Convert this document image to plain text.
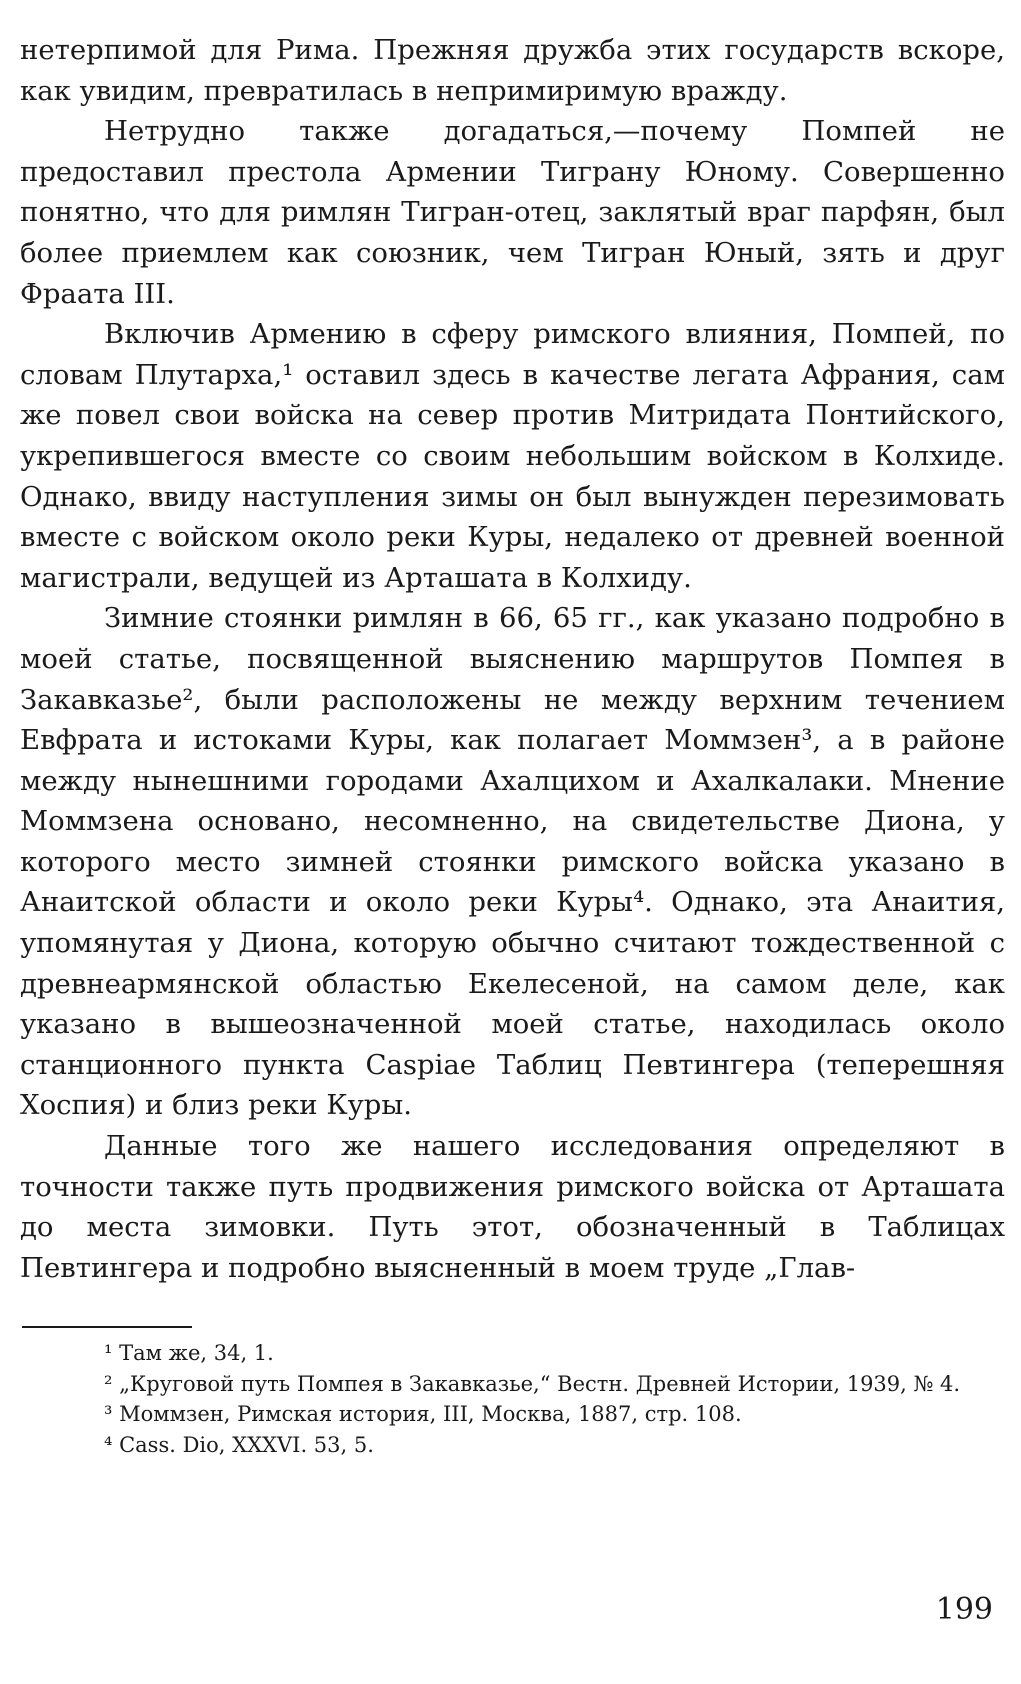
нетерпимой для Рима. Прежняя дружба этих государств вскоре, как увидим, превратилась в непримиримую вражду.

Нетрудно также догадаться,—почему Помпей не предоставил престола Армении Тиграну Юному. Совершенно понятно, что для римлян Тигран-отец, заклятый враг парфян, был более приемлем как союзник, чем Тигран Юный, зять и друг Фраата III.

Включив Армению в сферу римского влияния, Помпей, по словам Плутарха,¹ оставил здесь в качестве легата Афрания, сам же повел свои войска на север против Митридата Понтийского, укрепившегося вместе со своим небольшим войском в Колхиде. Однако, ввиду наступления зимы он был вынужден перезимовать вместе с войском около реки Куры, недалеко от древней военной магистрали, ведущей из Арташата в Колхиду.

Зимние стоянки римлян в 66, 65 гг., как указано подробно в моей статье, посвященной выяснению маршрутов Помпея в Закавказье², были расположены не между верхним течением Евфрата и истоками Куры, как полагает Моммзен³, а в районе между нынешними городами Ахалцихом и Ахалкалаки. Мнение Моммзена основано, несомненно, на свидетельстве Диона, у которого место зимней стоянки римского войска указано в Анаитской области и около реки Куры⁴. Однако, эта Анаития, упомянутая у Диона, которую обычно считают тождественной с древнеармянской областью Екелесеной, на самом деле, как указано в вышеозначенной моей статье, находилась около станционного пункта Caspiae Таблиц Певтингера (теперешняя Хоспия) и близ реки Куры.

Данные того же нашего исследования определяют в точности также путь продвижения римского войска от Арташата до места зимовки. Путь этот, обозначенный в Таблицах Певтингера и подробно выясненный в моем труде „Глав-

¹ Там же, 34, 1.

² „Круговой путь Помпея в Закавказье,“ Вестн. Древней Истории, 1939, № 4.

³ Моммзен, Римская история, III, Москва, 1887, стр. 108.

⁴ Cass. Dio, XXXVI. 53, 5.

199
